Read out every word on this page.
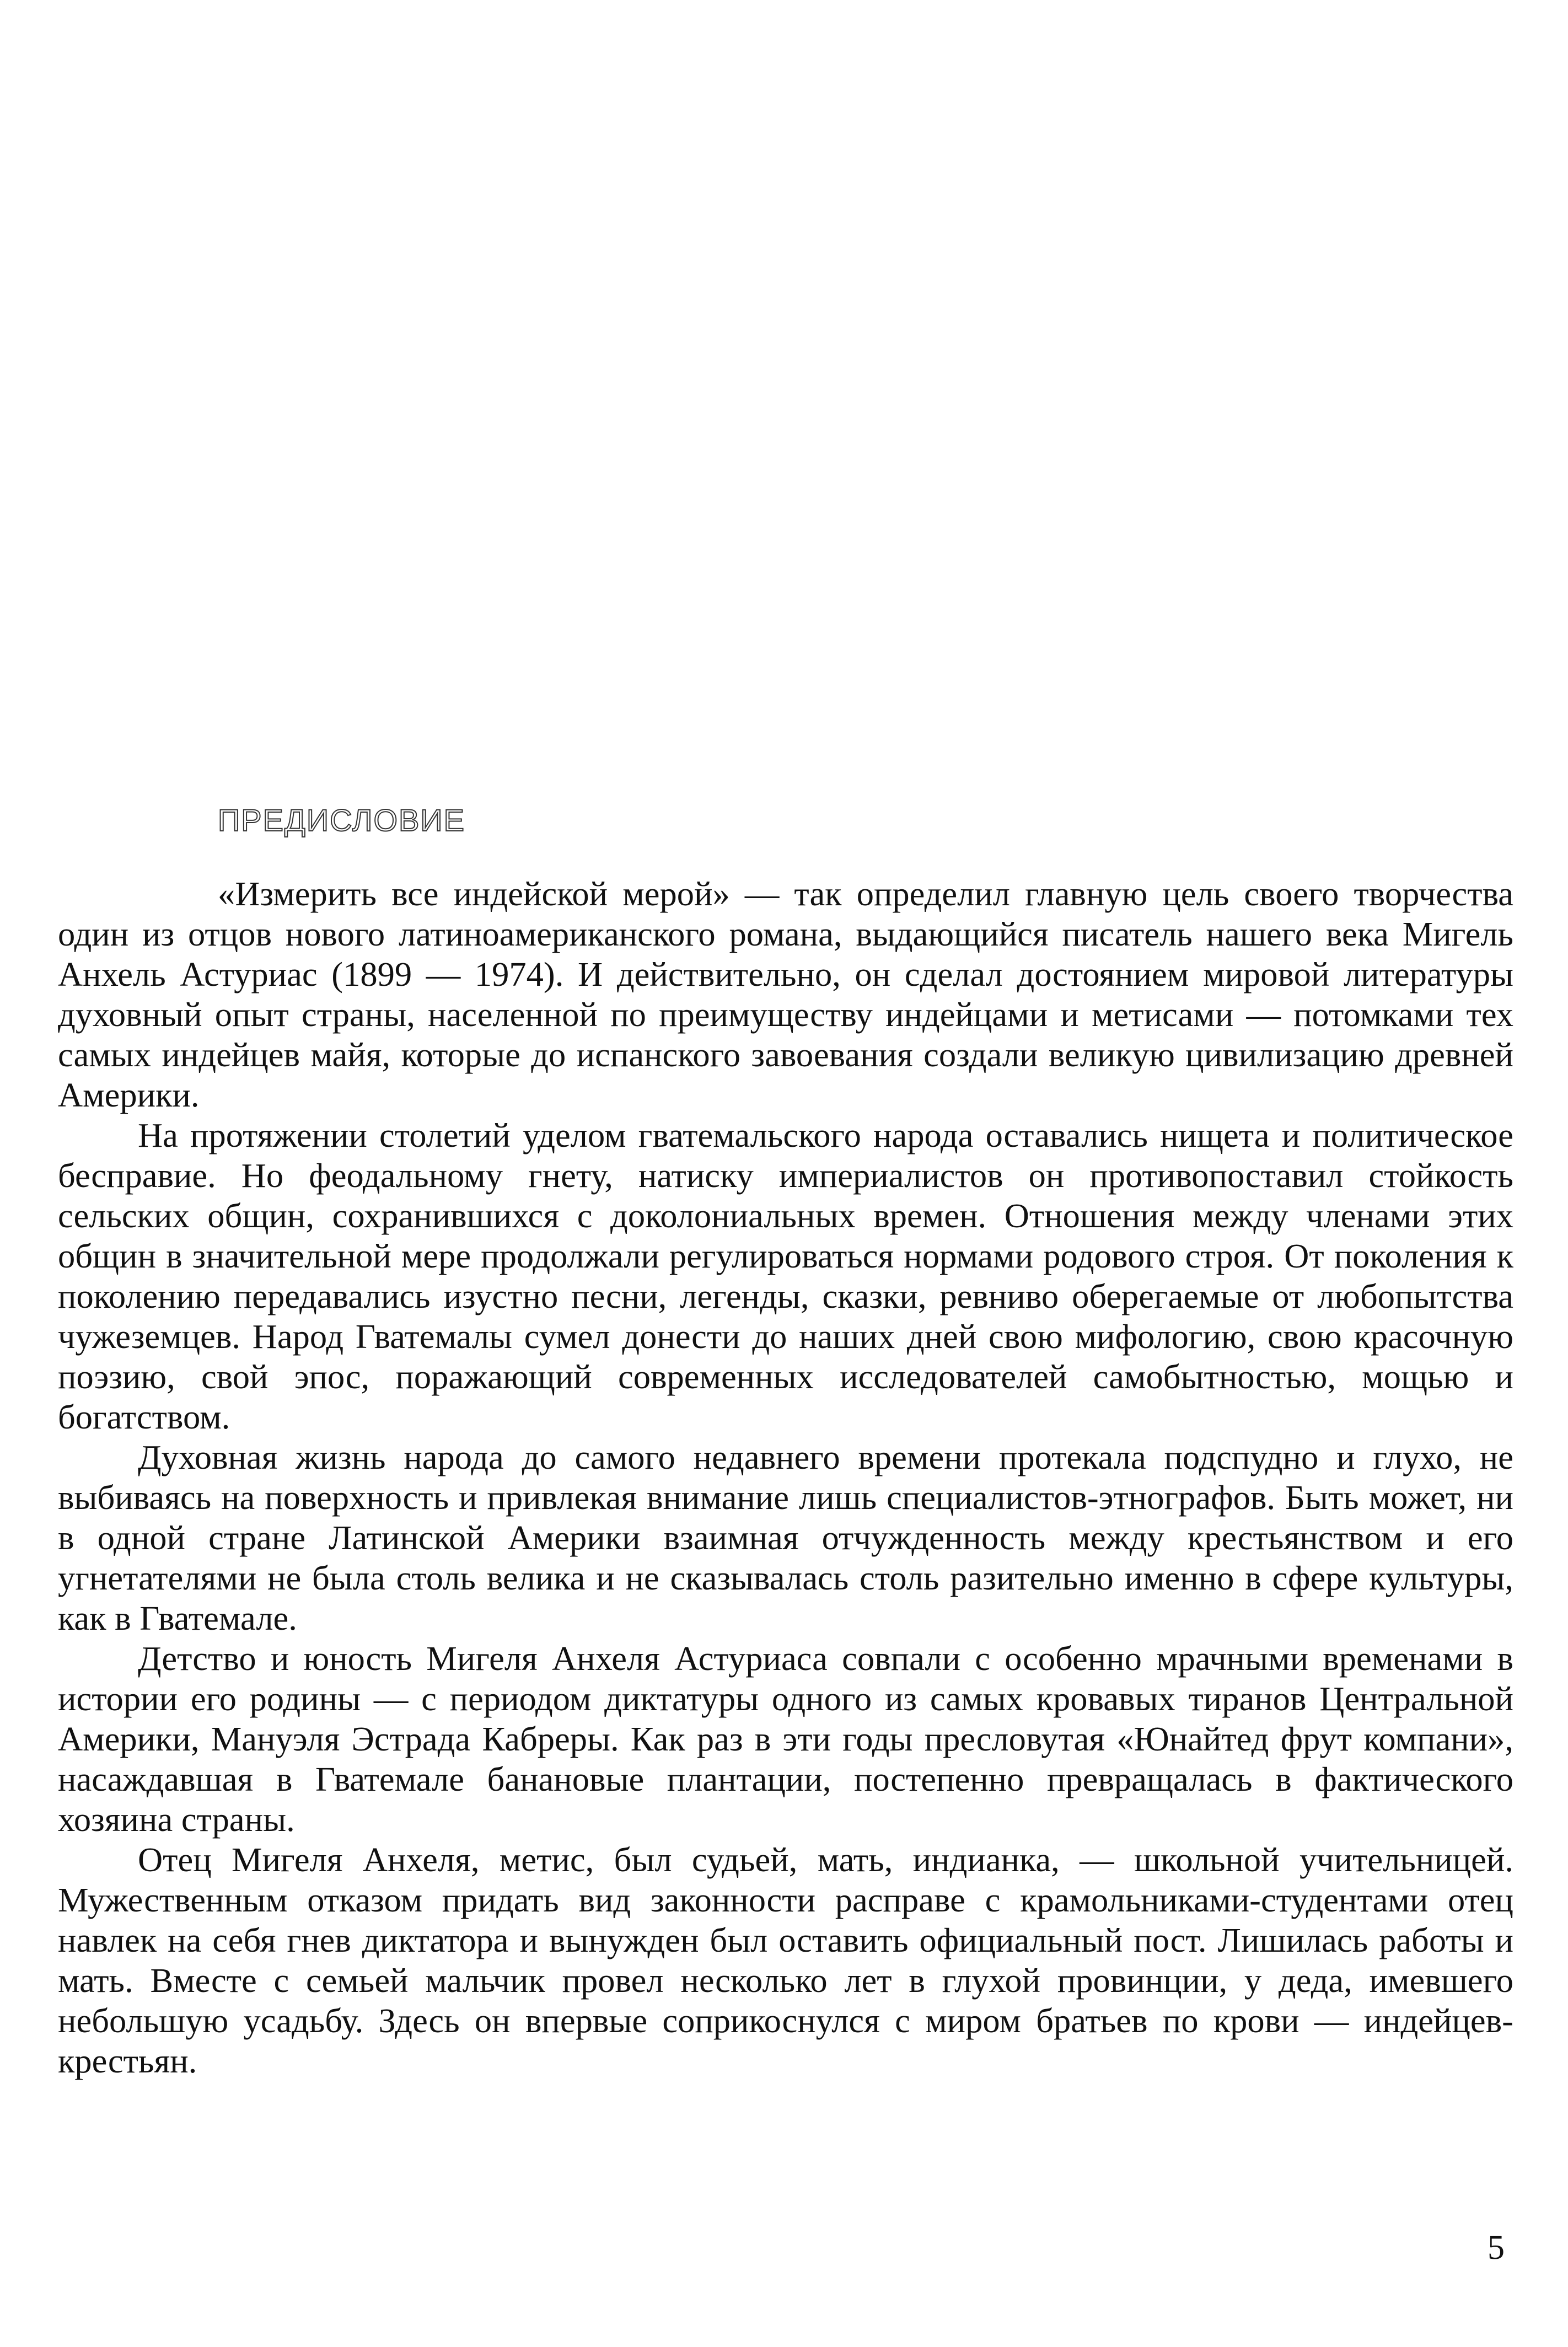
ПРЕДИСЛОВИЕ

«Измерить все индейской мерой» — так определил главную цель своего творчества один из отцов нового латиноамериканского романа, выдающийся писатель нашего века Мигель Анхель Астуриас (1899 — 1974). И действительно, он сделал достоянием мировой литературы духовный опыт страны, населенной по преимуществу индейцами и метисами — потомками тех самых индейцев майя, которые до испанского завоевания создали великую цивилизацию древней Америки.

На протяжении столетий уделом гватемальского народа оставались нищета и политическое бесправие. Но феодальному гнету, натиску империалистов он противопоставил стойкость сельских общин, сохранившихся с доколониальных времен. Отношения между членами этих общин в значительной мере продолжали регулироваться нормами родового строя. От поколения к поколению передавались изустно песни, легенды, сказки, ревниво оберегаемые от любопытства чужеземцев. Народ Гватемалы сумел донести до наших дней свою мифологию, свою красочную поэзию, свой эпос, поражающий современных исследователей самобытностью, мощью и богатством.

Духовная жизнь народа до самого недавнего времени протекала подспудно и глухо, не выбиваясь на поверхность и привлекая внимание лишь специалистов-этнографов. Быть может, ни в одной стране Латинской Америки взаимная отчужденность между крестьянством и его угнетателями не была столь велика и не сказывалась столь разительно именно в сфере культуры, как в Гватемале.

Детство и юность Мигеля Анхеля Астуриаса совпали с особенно мрачными временами в истории его родины — с периодом диктатуры одного из самых кровавых тиранов Центральной Америки, Мануэля Эстрада Кабреры. Как раз в эти годы пресловутая «Юнайтед фрут компани», насаждавшая в Гватемале банановые плантации, постепенно превращалась в фактического хозяина страны.

Отец Мигеля Анхеля, метис, был судьей, мать, индианка, — школьной учительницей. Мужественным отказом придать вид законности расправе с крамольниками-студентами отец навлек на себя гнев диктатора и вынужден был оставить официальный пост. Лишилась работы и мать. Вместе с семьей мальчик провел несколько лет в глухой провинции, у деда, имевшего небольшую усадьбу. Здесь он впервые соприкоснулся с миром братьев по крови — индейцев-крестьян.

5
